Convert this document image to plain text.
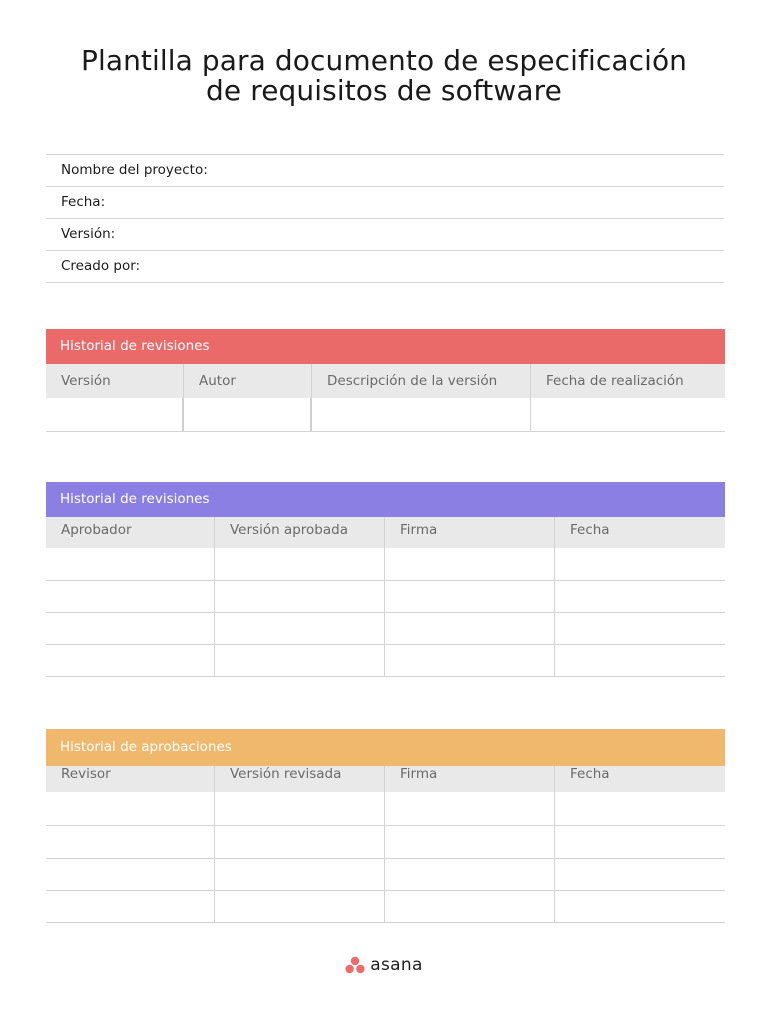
Plantilla para documento de especificación
de requisitos de software
Nombre del proyecto:
Fecha:
Versión:
Creado por:
Historial de revisiones
Versión	Autor	Descripción de la versión	Fecha de realización
Historial de revisiones
Aprobador	Versión aprobada	Firma	Fecha
Historial de aprobaciones
Revisor	Versión revisada	Firma	Fecha
asana
